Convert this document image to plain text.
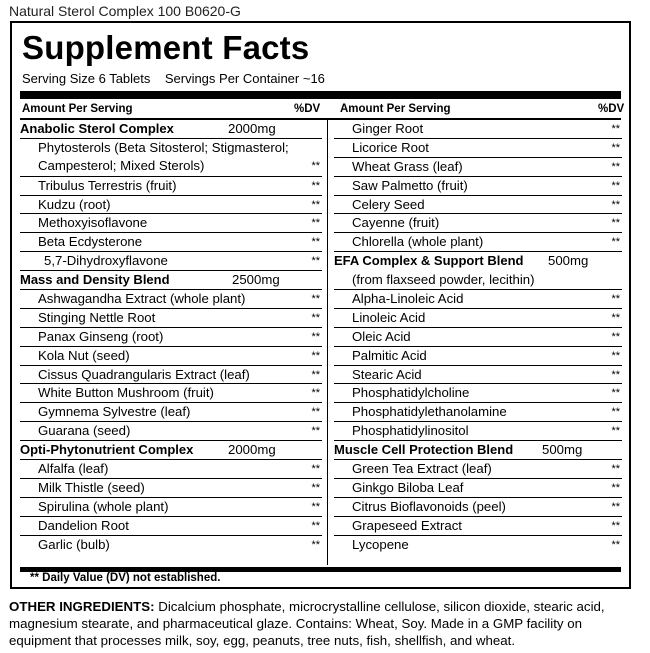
Natural Sterol Complex 100 B0620-G
Supplement Facts
Serving Size 6 Tablets    Servings Per Container ~16
Amount Per Serving	%DV Amount Per Serving	%DV
Anabolic Sterol Complex	2000mg
Phytosterols (Beta Sitosterol; Stigmasterol; Campesterol; Mixed Sterols)	**
Tribulus Terrestris (fruit)	**
Kudzu (root)	**
Methoxyisoflavone	**
Beta Ecdysterone	**
5,7-Dihydroxyflavone	**
Mass and Density Blend	2500mg
Ashwagandha Extract (whole plant)	**
Stinging Nettle Root	**
Panax Ginseng (root)	**
Kola Nut (seed)	**
Cissus Quadrangularis Extract (leaf)	**
White Button Mushroom (fruit)	**
Gymnema Sylvestre (leaf)	**
Guarana (seed)	**
Opti-Phytonutrient Complex	2000mg
Alfalfa (leaf)	**
Milk Thistle (seed)	**
Spirulina (whole plant)	**
Dandelion Root	**
Garlic (bulb)	**
Ginger Root	**
Licorice Root	**
Wheat Grass (leaf)	**
Saw Palmetto (fruit)	**
Celery Seed	**
Cayenne (fruit)	**
Chlorella (whole plant)	**
EFA Complex & Support Blend 500mg
(from flaxseed powder, lecithin)
Alpha-Linoleic Acid	**
Linoleic Acid	**
Oleic Acid	**
Palmitic Acid	**
Stearic Acid	**
Phosphatidylcholine	**
Phosphatidylethanolamine	**
Phosphatidylinositol	**
Muscle Cell Protection Blend 500mg
Green Tea Extract (leaf)	**
Ginkgo Biloba Leaf	**
Citrus Bioflavonoids (peel)	**
Grapeseed Extract	**
Lycopene	**
** Daily Value (DV) not established.
OTHER INGREDIENTS: Dicalcium phosphate, microcrystalline cellulose, silicon dioxide, stearic acid, magnesium stearate, and pharmaceutical glaze. Contains: Wheat, Soy. Made in a GMP facility on equipment that processes milk, soy, egg, peanuts, tree nuts, fish, shellfish, and wheat.
